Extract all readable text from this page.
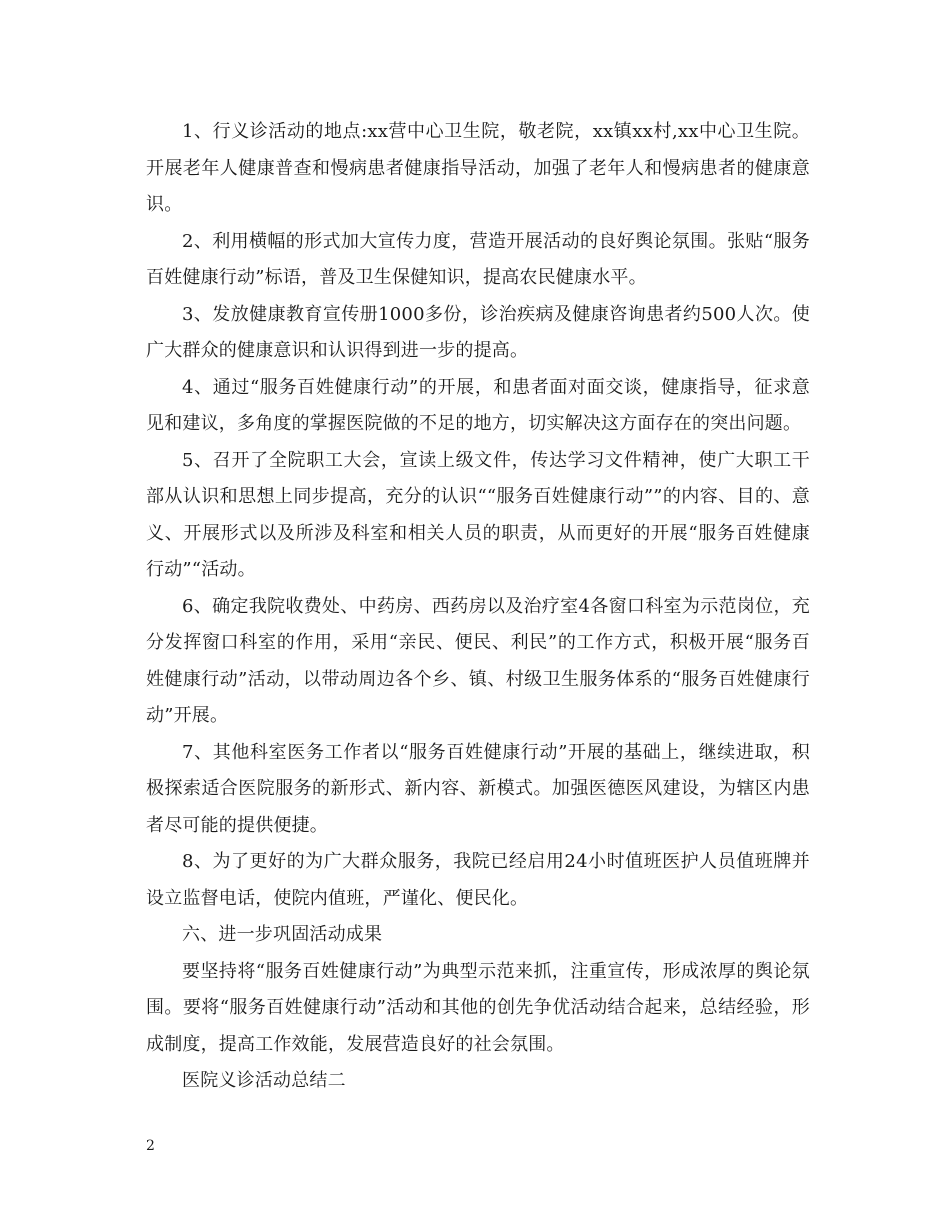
1、行义诊活动的地点:xx营中心卫生院，敬老院，xx镇xx村,xx中心卫生院。开展老年人健康普查和慢病患者健康指导活动，加强了老年人和慢病患者的健康意识。

2、利用横幅的形式加大宣传力度，营造开展活动的良好舆论氛围。张贴“服务百姓健康行动”标语，普及卫生保健知识，提高农民健康水平。

3、发放健康教育宣传册1000多份，诊治疾病及健康咨询患者约500人次。使广大群众的健康意识和认识得到进一步的提高。

4、通过“服务百姓健康行动”的开展，和患者面对面交谈，健康指导，征求意见和建议，多角度的掌握医院做的不足的地方，切实解决这方面存在的突出问题。

5、召开了全院职工大会，宣读上级文件，传达学习文件精神，使广大职工干部从认识和思想上同步提高，充分的认识““服务百姓健康行动””的内容、目的、意义、开展形式以及所涉及科室和相关人员的职责，从而更好的开展“服务百姓健康行动”“活动。

6、确定我院收费处、中药房、西药房以及治疗室4各窗口科室为示范岗位，充分发挥窗口科室的作用，采用“亲民、便民、利民”的工作方式，积极开展“服务百姓健康行动”活动，以带动周边各个乡、镇、村级卫生服务体系的“服务百姓健康行动”开展。

7、其他科室医务工作者以“服务百姓健康行动”开展的基础上，继续进取，积极探索适合医院服务的新形式、新内容、新模式。加强医德医风建设，为辖区内患者尽可能的提供便捷。

8、为了更好的为广大群众服务，我院已经启用24小时值班医护人员值班牌并设立监督电话，使院内值班，严谨化、便民化。

六、进一步巩固活动成果

要坚持将“服务百姓健康行动”为典型示范来抓，注重宣传，形成浓厚的舆论氛围。要将“服务百姓健康行动”活动和其他的创先争优活动结合起来，总结经验，形成制度，提高工作效能，发展营造良好的社会氛围。

医院义诊活动总结二

2
